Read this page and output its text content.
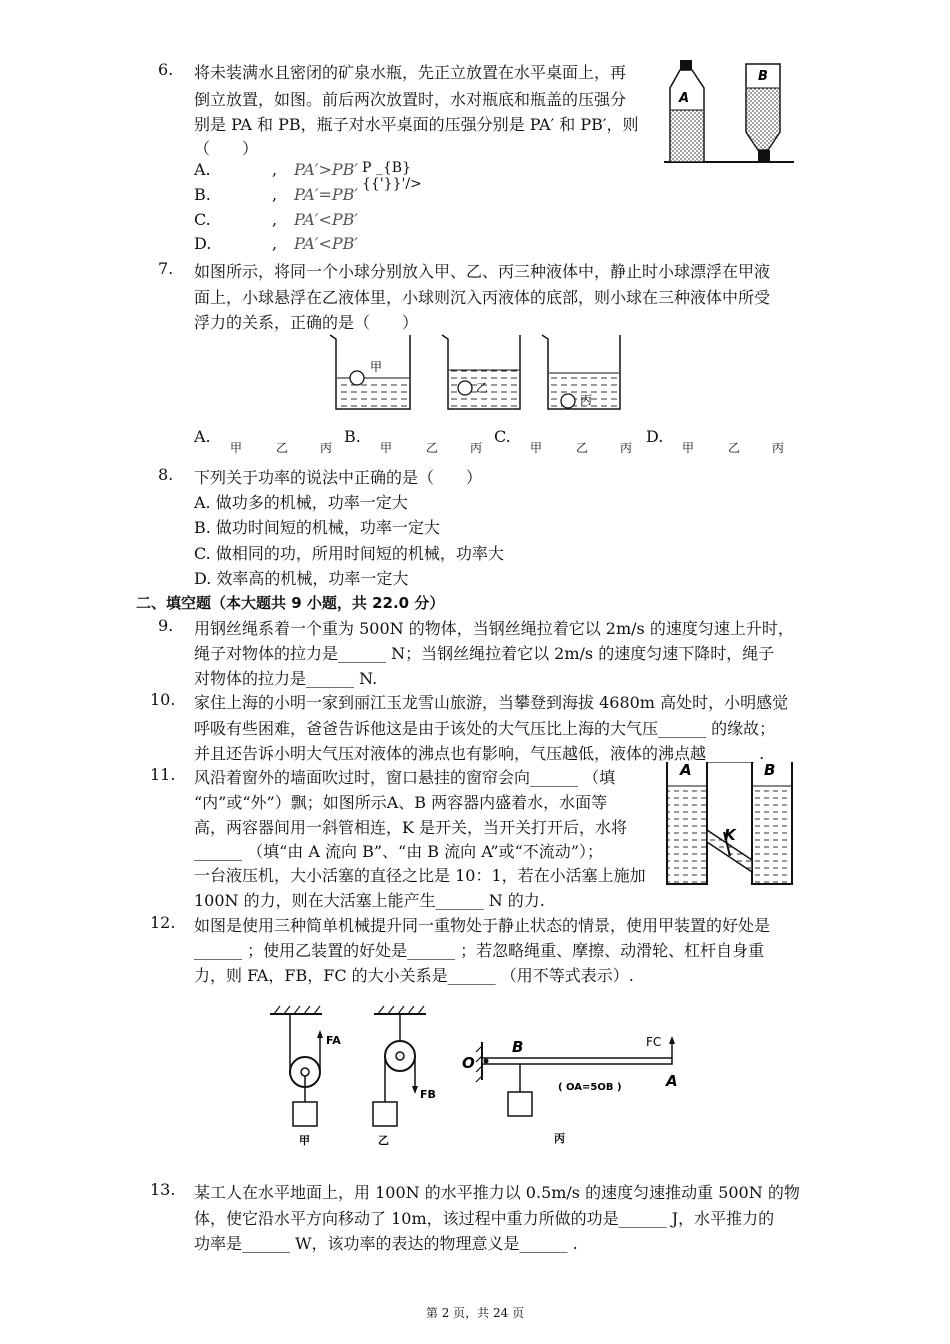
6. 将未装满水且密闭的矿泉水瓶，先正立放置在水平桌面上，再
倒立放置，如图。前后两次放置时，水对瓶底和瓶盖的压强分
别是 PA 和 PB，瓶子对水平桌面的压强分别是 PA′ 和 PB′，则
（　　）
A.	, PA′>PB′ P _{B}{{'}}'/>
B.	, PA′=PB′
C.	, PA′<PB′
D.	, PA′<PB′
A
B
7. 如图所示，将同一个小球分别放入甲、乙、丙三种液体中，静止时小球漂浮在甲液
面上，小球悬浮在乙液体里，小球则沉入丙液体的底部，则小球在三种液体中所受
浮力的关系，正确的是（　　）
甲
乙
丙
A.
甲	乙	丙
B.
甲	乙	丙
C.
甲	乙	丙
D.
甲	乙	丙
8. 下列关于功率的说法中正确的是（　　）
A. 做功多的机械，功率一定大
B. 做功时间短的机械，功率一定大
C. 做相同的功，所用时间短的机械，功率大
D. 效率高的机械，功率一定大
二、填空题（本大题共 9 小题，共 22.0 分）
9. 用钢丝绳系着一个重为 500N 的物体，当钢丝绳拉着它以 2m/s 的速度匀速上升时，
绳子对物体的拉力是______ N；当钢丝绳拉着它以 2m/s 的速度匀速下降时，绳子
对物体的拉力是______ N.
10. 家住上海的小明一家到丽江玉龙雪山旅游，当攀登到海拔 4680m 高处时，小明感觉
呼吸有些困难，爸爸告诉他这是由于该处的大气压比上海的大气压______ 的缘故；
并且还告诉小明大气压对液体的沸点也有影响，气压越低，液体的沸点越______ .
11. 风沿着窗外的墙面吹过时，窗口悬挂的窗帘会向______ （填
“内”或“外”）飘；如图所示A、B 两容器内盛着水，水面等
高，两容器间用一斜管相连，K 是开关，当开关打开后，水将
______ （填“由 A 流向 B”、“由 B 流向 A”或“不流动”）；
一台液压机，大小活塞的直径之比是 10：1，若在小活塞上施加
100N 的力，则在大活塞上能产生______ N 的力.
A	B
K
12. 如图是使用三种简单机械提升同一重物处于静止状态的情景，使用甲装置的好处是
______ ；使用乙装置的好处是______ ；若忽略绳重、摩擦、动滑轮、杠杆自身重
力，则 FA，FB，FC 的大小关系是______ （用不等式表示）.
FA
甲
FB
乙
FC
O
B
A
( OA=5OB )
丙
13. 某工人在水平地面上，用 100N 的水平推力以 0.5m/s 的速度匀速推动重 500N 的物
体，使它沿水平方向移动了 10m，该过程中重力所做的功是______ J，水平推力的
功率是______ W，该功率的表达的物理意义是______ .
第 2 页，共 24 页
